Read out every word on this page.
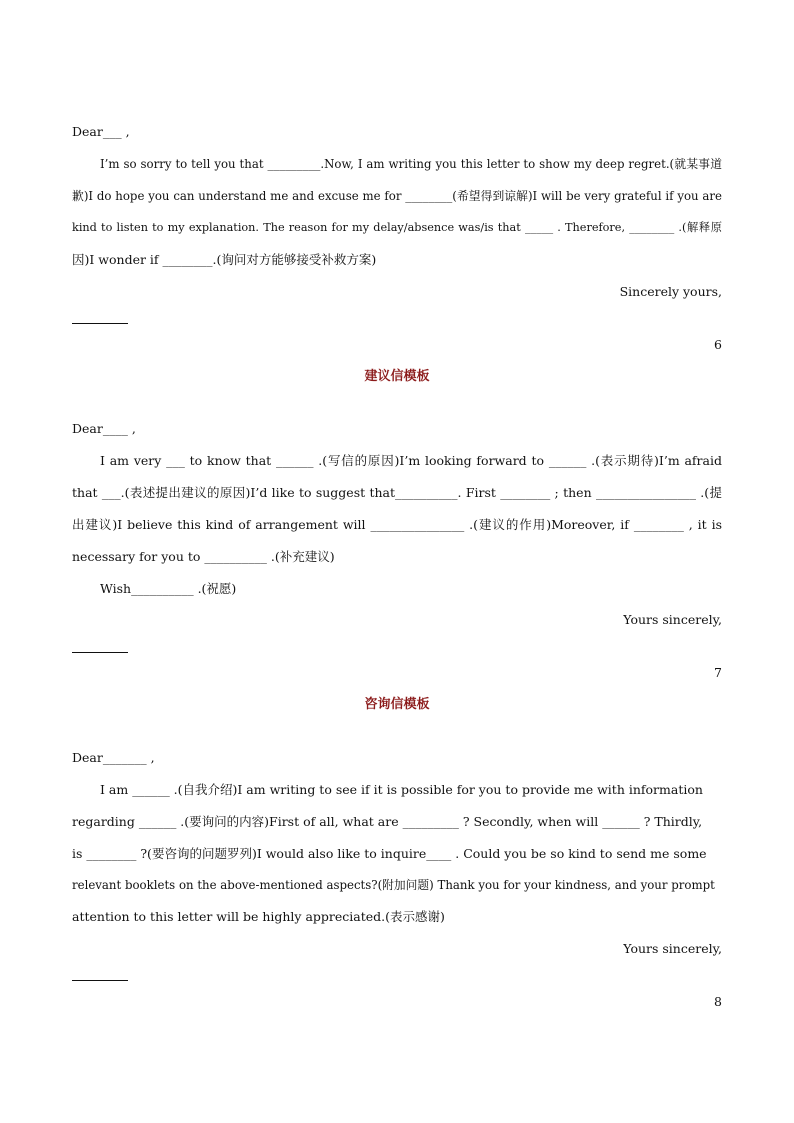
Dear___ ,
I’m so sorry to tell you that _________.Now, I am writing you this letter to show my deep regret.(就某事道
歉)I do hope you can understand me and excuse me for ________(希望得到谅解)I will be very grateful if you are
kind to listen to my explanation. The reason for my delay/absence was/is that _____ . Therefore, ________ .(解释原
因)I wonder if ________.(询问对方能够接受补救方案)
Sincerely yours,
6
建议信模板
Dear____ ,
I am very ___ to know that ______ .(写信的原因)I’m looking forward to ______ .(表示期待)I’m afraid
that ___.(表述提出建议的原因)I’d like to suggest that__________. First ________ ; then ________________ .(提
出建议)I believe this kind of arrangement will _______________ .(建议的作用)Moreover, if ________ , it is
necessary for you to __________ .(补充建议)
Wish__________ .(祝愿)
Yours sincerely,
7
咨询信模板
Dear_______ ,
I am ______ .(自我介绍)I am writing to see if it is possible for you to provide me with information
regarding ______ .(要询问的内容)First of all, what are _________ ? Secondly, when will ______ ? Thirdly,
is ________ ?(要咨询的问题罗列)I would also like to inquire____ . Could you be so kind to send me some
relevant booklets on the above-mentioned aspects?(附加问题) Thank you for your kindness, and your prompt
attention to this letter will be highly appreciated.(表示感谢)
Yours sincerely,
8
